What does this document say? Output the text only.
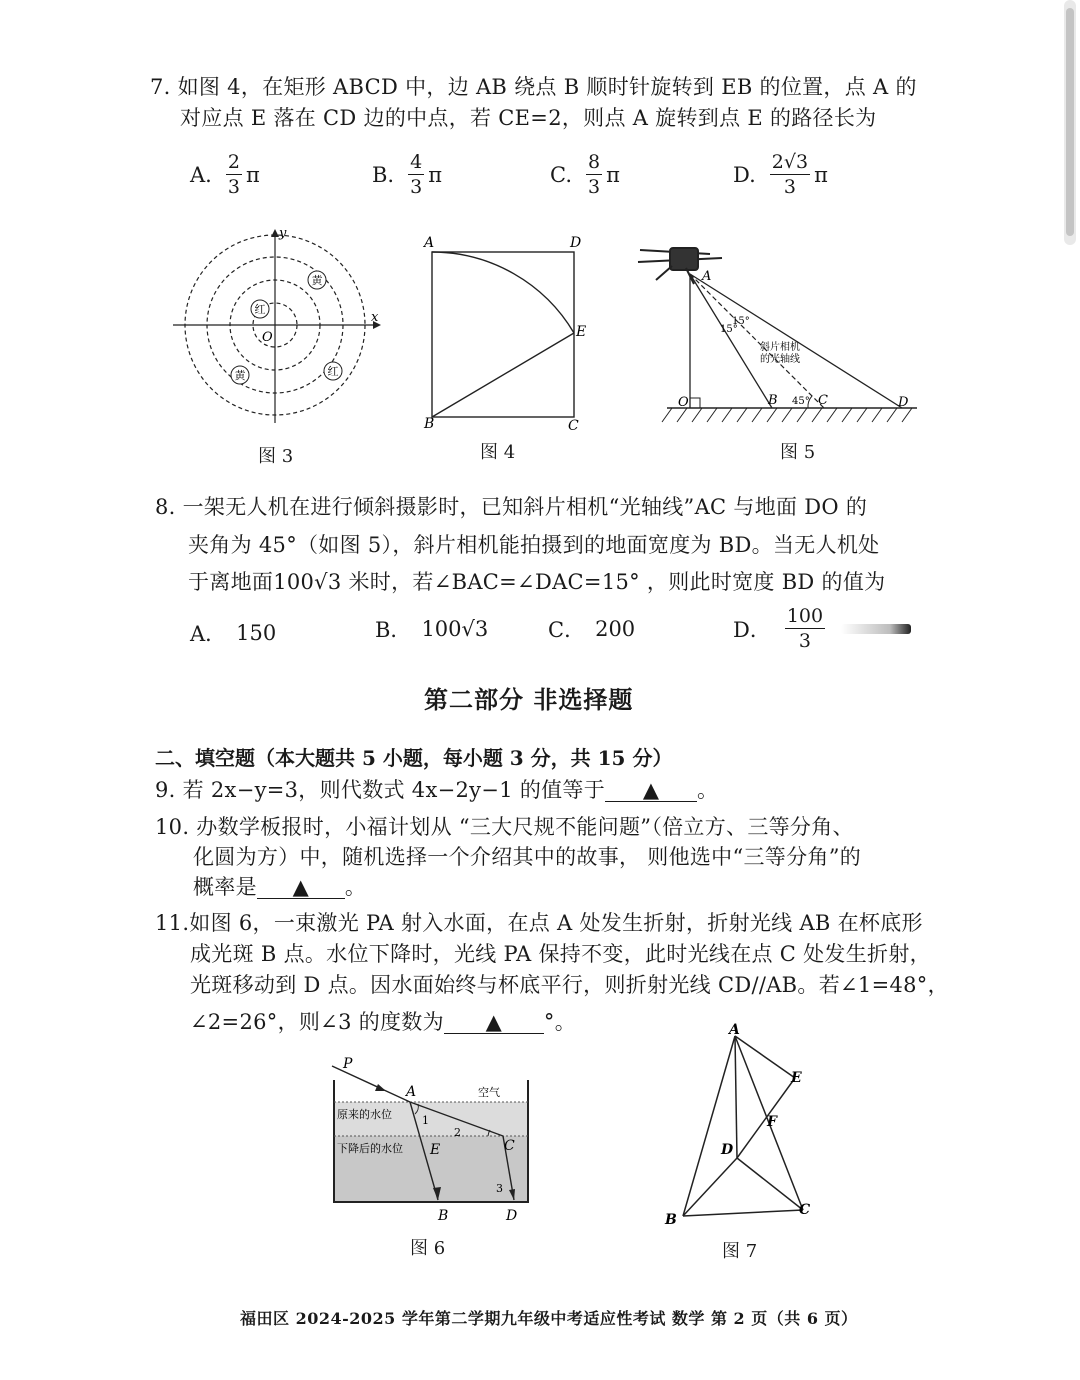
7. 如图 4，在矩形 ABCD 中，边 AB 绕点 B 顺时针旋转到 EB 的位置，点 A 的
对应点 E 落在 CD 边的中点，若 CE=2，则点 A 旋转到点 E 的路径长为
A. $\frac{2}{3}$ π	B. $\frac{4}{3}$ π	C. $\frac{8}{3}$ π	D. $\frac{2√3}{3}$ π
x
y
O
红
黄
黄	红
图 3
A	D
E
B	C
图 4
A
O	B	C	D
15°
15°
45°
斜片相机
的光轴线
图 5
8. 一架无人机在进行倾斜摄影时，已知斜片相机“光轴线”AC 与地面 DO 的
夹角为 45°（如图 5），斜片相机能拍摄到的地面宽度为 BD。当无人机处
于离地面100√3 米时，若∠BAC=∠DAC=15° ，则此时宽度 BD 的值为
A． 150	B． 100√3	C． 200	D． $\frac{100}{3}$
第二部分 非选择题
二、填空题（本大题共 5 小题，每小题 3 分，共 15 分）
9. 若 2x−y=3，则代数式 4x−2y−1 的值等于 ▲ 。
10. 办数学板报时，小福计划从 “三大尺规不能问题”（倍立方、三等分角、
化圆为方）中，随机选择一个介绍其中的故事， 则他选中“三等分角”的
概率是 ▲ 。
11.如图 6，一束激光 PA 射入水面，在点 A 处发生折射，折射光线 AB 在杯底形
成光斑 B 点。水位下降时，光线 PA 保持不变，此时光线在点 C 处发生折射，
光斑移动到 D 点。因水面始终与杯底平行，则折射光线 CD//AB。若∠1=48°，
∠2=26°，则∠3 的度数为 ▲ °。
P
A
E	C
B	D
空气
原来的水位
下降后的水位
1
2
3
图 6
A
E
F
D
B
C
图 7
福田区 2024-2025 学年第二学期九年级中考适应性考试 数学 第 2 页（共 6 页）
